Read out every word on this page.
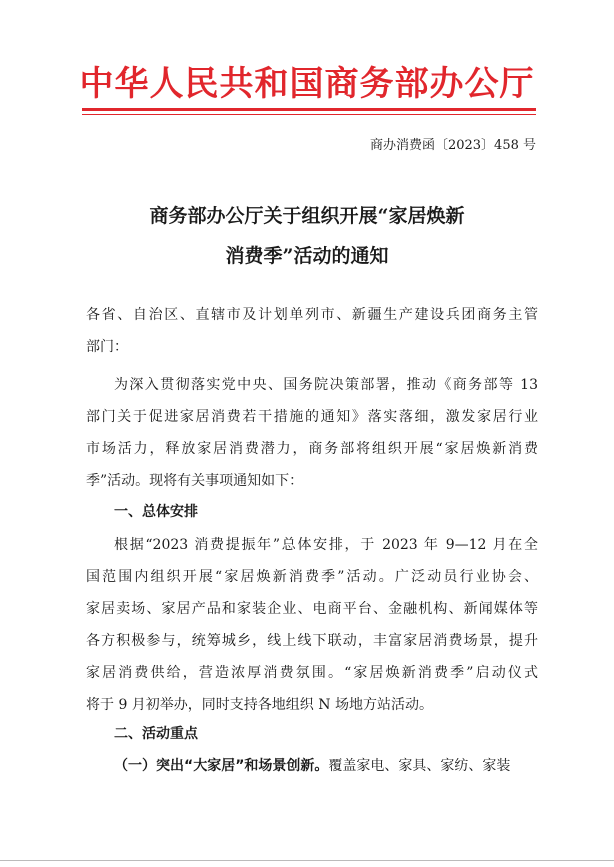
中华人民共和国商务部办公厅
商办消费函〔2023〕458 号
商务部办公厅关于组织开展“家居焕新
消费季”活动的通知
各省、自治区、直辖市及计划单列市、新疆生产建设兵团商务主管
部门：
为深入贯彻落实党中央、国务院决策部署，推动《商务部等 13
部门关于促进家居消费若干措施的通知》落实落细，激发家居行业
市场活力，释放家居消费潜力，商务部将组织开展“家居焕新消费
季”活动。现将有关事项通知如下：
一、总体安排
根据“2023 消费提振年”总体安排，于 2023 年 9—12 月在全
国范围内组织开展“家居焕新消费季”活动。广泛动员行业协会、
家居卖场、家居产品和家装企业、电商平台、金融机构、新闻媒体等
各方积极参与，统筹城乡，线上线下联动，丰富家居消费场景，提升
家居消费供给，营造浓厚消费氛围。“家居焕新消费季”启动仪式
将于 9 月初举办，同时支持各地组织 N 场地方站活动。
二、活动重点
（一）突出“大家居”和场景创新。覆盖家电、家具、家纺、家装
